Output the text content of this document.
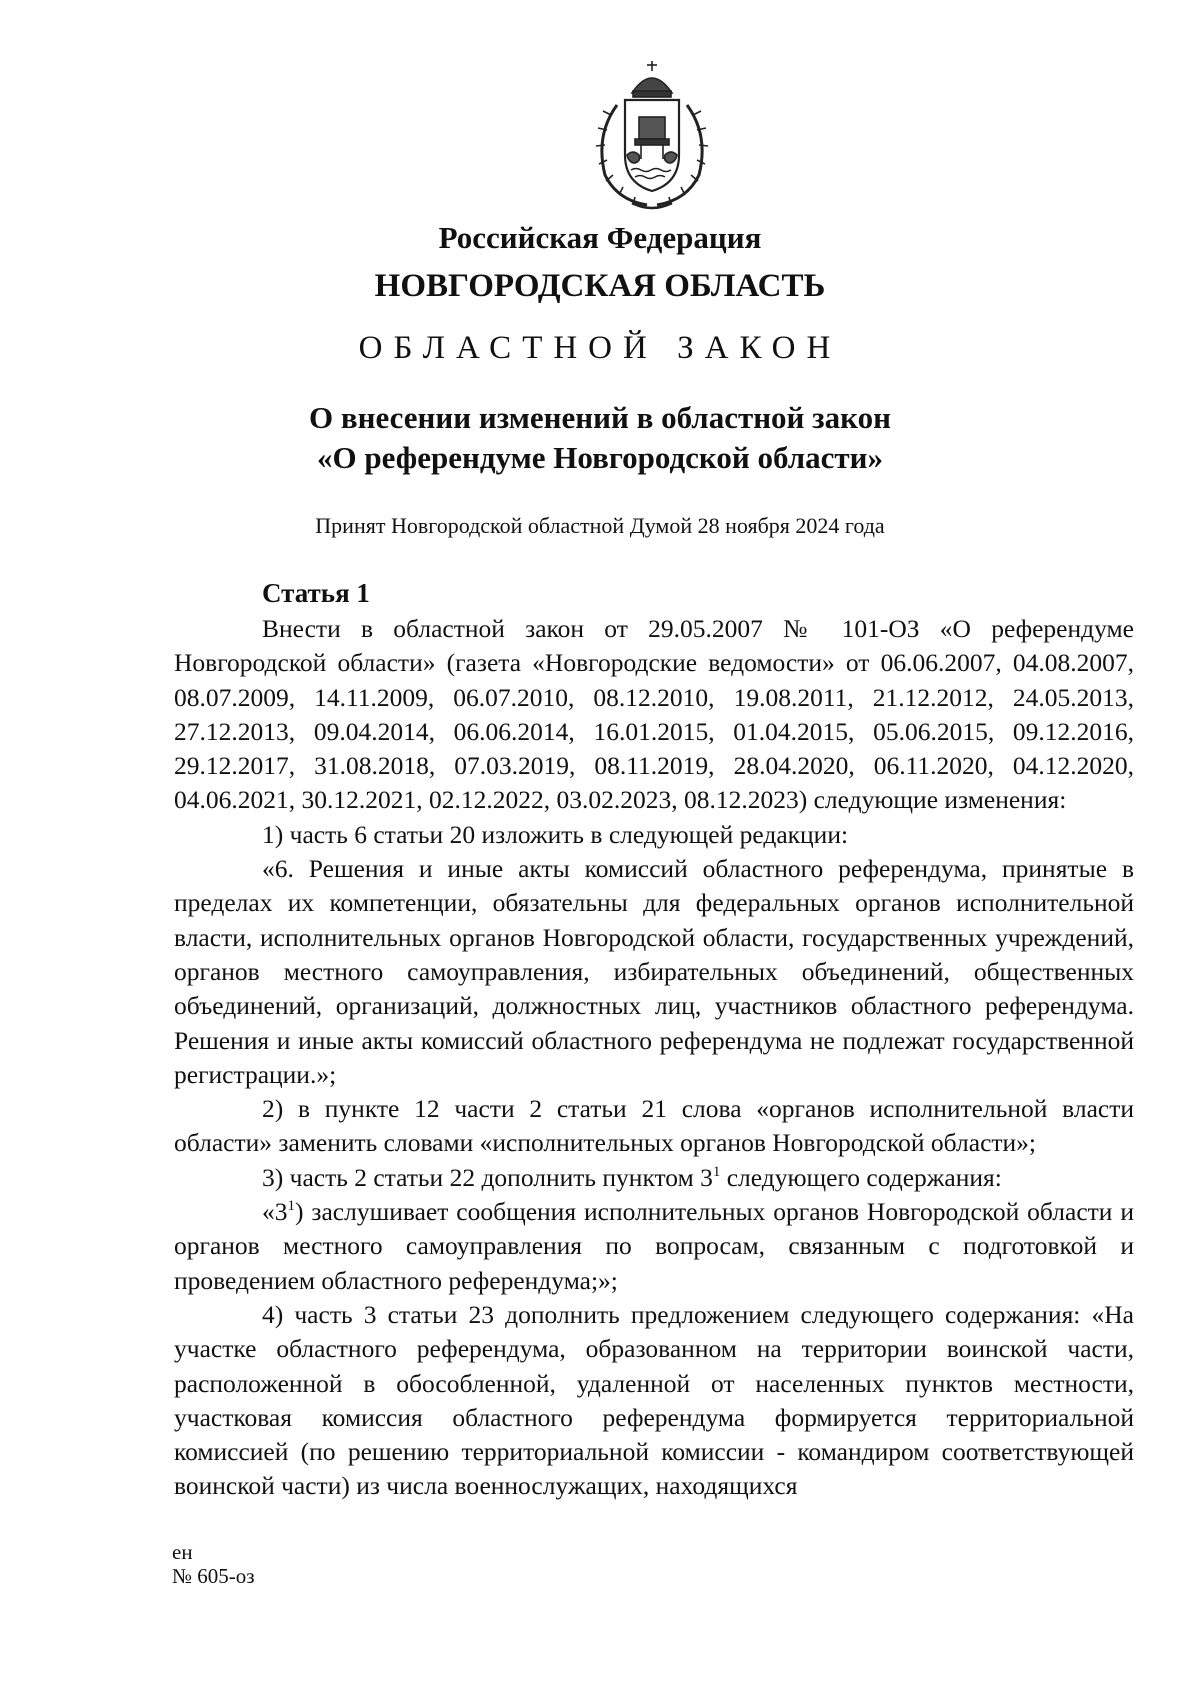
Российская Федерация
НОВГОРОДСКАЯ ОБЛАСТЬ
ОБЛАСТНОЙ ЗАКОН
О внесении изменений в областной закон
«О референдуме Новгородской области»
Принят Новгородской областной Думой 28 ноября 2024 года
Статья 1

Внести в областной закон от 29.05.2007 № 101-ОЗ «О референдуме Новгородской области» (газета «Новгородские ведомости» от 06.06.2007, 04.08.2007, 08.07.2009, 14.11.2009, 06.07.2010, 08.12.2010, 19.08.2011, 21.12.2012, 24.05.2013, 27.12.2013, 09.04.2014, 06.06.2014, 16.01.2015, 01.04.2015, 05.06.2015, 09.12.2016, 29.12.2017, 31.08.2018, 07.03.2019, 08.11.2019, 28.04.2020, 06.11.2020, 04.12.2020, 04.06.2021, 30.12.2021, 02.12.2022, 03.02.2023, 08.12.2023) следующие изменения:

1) часть 6 статьи 20 изложить в следующей редакции:

«6. Решения и иные акты комиссий областного референдума, принятые в пределах их компетенции, обязательны для федеральных органов исполнительной власти, исполнительных органов Новгородской области, государственных учреждений, органов местного самоуправления, избирательных объединений, общественных объединений, организаций, должностных лиц, участников областного референдума. Решения и иные акты комиссий областного референдума не подлежат государственной регистрации.»;

2) в пункте 12 части 2 статьи 21 слова «органов исполнительной власти области» заменить словами «исполнительных органов Новгородской области»;

3) часть 2 статьи 22 дополнить пунктом $3^1$ следующего содержания:

«$3^1$) заслушивает сообщения исполнительных органов Новгородской области и органов местного самоуправления по вопросам, связанным с подготовкой и проведением областного референдума;»;

4) часть 3 статьи 23 дополнить предложением следующего содержания: «На участке областного референдума, образованном на территории воинской части, расположенной в обособленной, удаленной от населенных пунктов местности, участковая комиссия областного референдума формируется территориальной комиссией (по решению территориальной комиссии - командиром соответствующей воинской части) из числа военнослужащих, находящихся

ен
№ 605-оз
